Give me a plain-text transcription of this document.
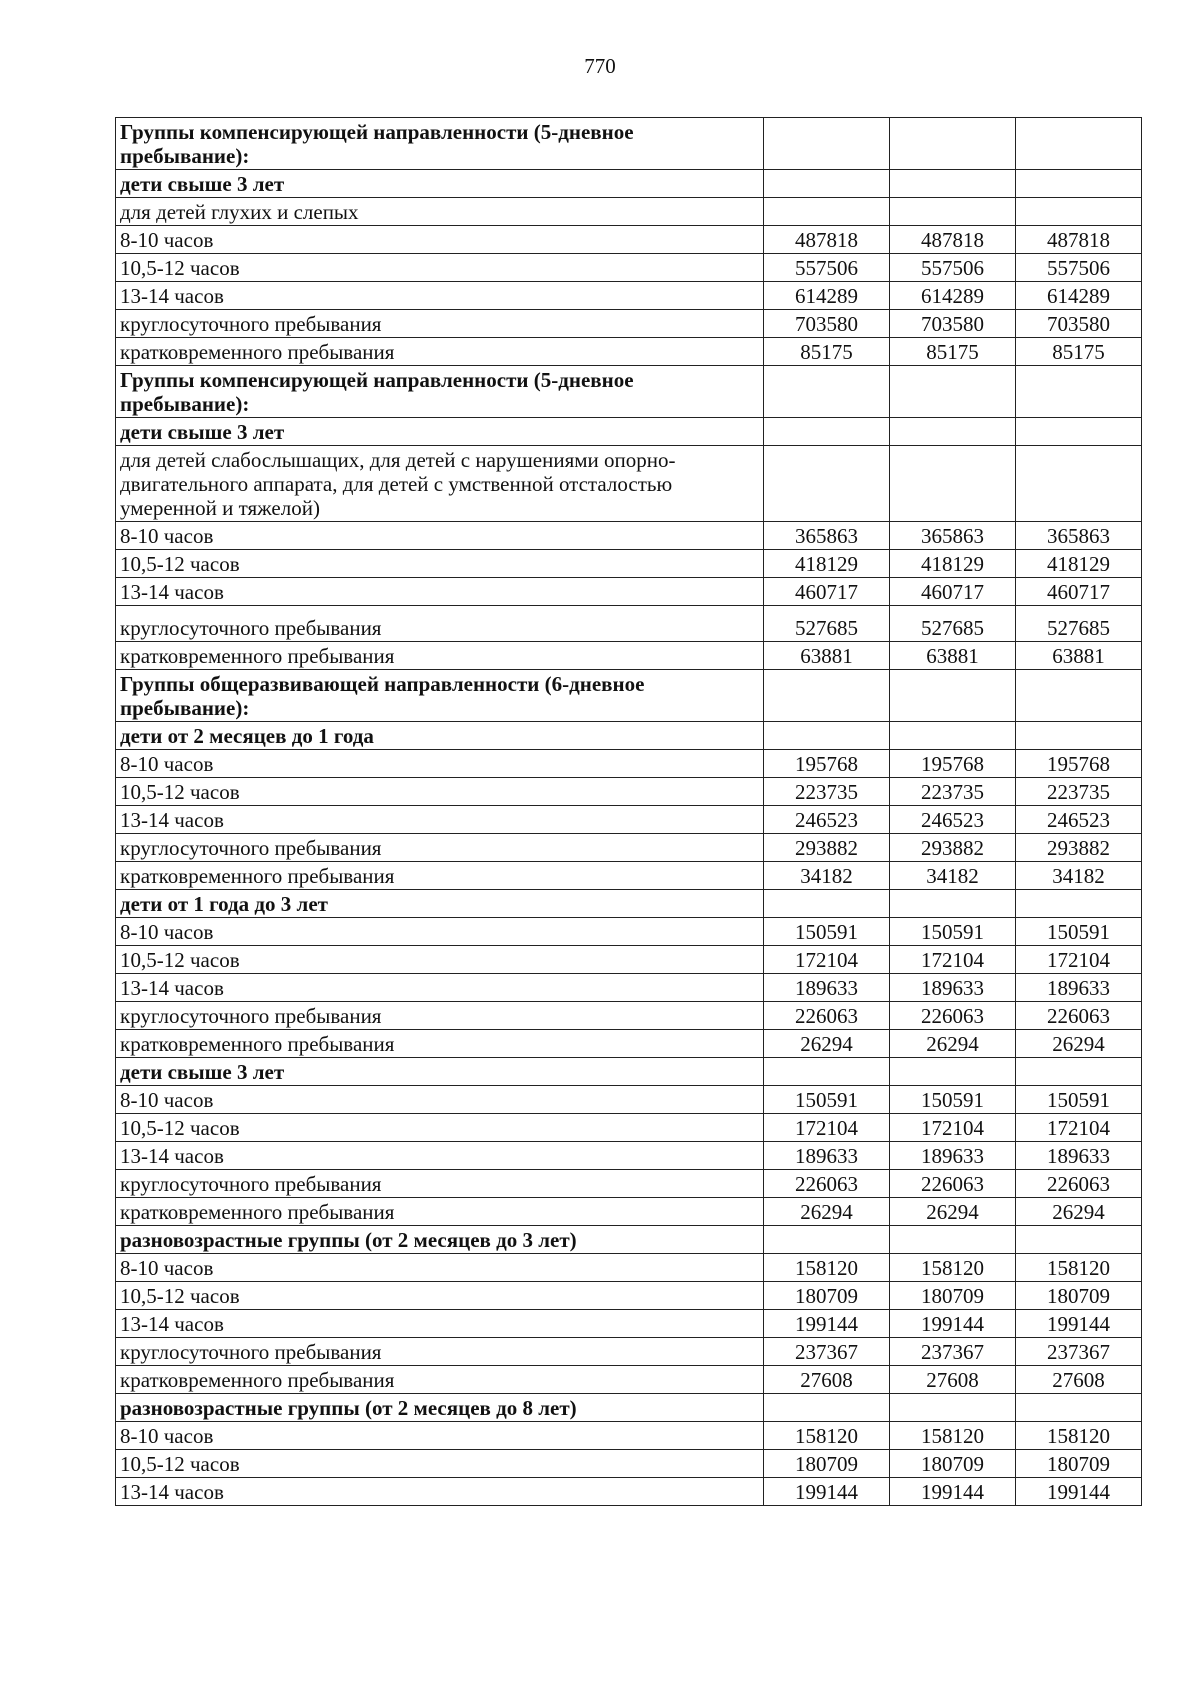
770
Группы компенсирующей направленности (5-дневное пребывание):			
дети свыше 3 лет			
для детей глухих и слепых			
8-10 часов	487818	487818	487818
10,5-12 часов	557506	557506	557506
13-14 часов	614289	614289	614289
круглосуточного пребывания	703580	703580	703580
кратковременного пребывания	85175	85175	85175
Группы компенсирующей направленности (5-дневное пребывание):			
дети свыше 3 лет			
для детей слабослышащих, для детей с нарушениями опорно-двигательного аппарата, для детей с умственной отсталостью умеренной и тяжелой)			
8-10 часов	365863	365863	365863
10,5-12 часов	418129	418129	418129
13-14 часов	460717	460717	460717
круглосуточного пребывания	527685	527685	527685
кратковременного пребывания	63881	63881	63881
Группы общеразвивающей направленности (6-дневное пребывание):			
дети от 2 месяцев до 1 года			
8-10 часов	195768	195768	195768
10,5-12 часов	223735	223735	223735
13-14 часов	246523	246523	246523
круглосуточного пребывания	293882	293882	293882
кратковременного пребывания	34182	34182	34182
дети от 1 года до 3 лет			
8-10 часов	150591	150591	150591
10,5-12 часов	172104	172104	172104
13-14 часов	189633	189633	189633
круглосуточного пребывания	226063	226063	226063
кратковременного пребывания	26294	26294	26294
дети свыше 3 лет			
8-10 часов	150591	150591	150591
10,5-12 часов	172104	172104	172104
13-14 часов	189633	189633	189633
круглосуточного пребывания	226063	226063	226063
кратковременного пребывания	26294	26294	26294
разновозрастные группы (от 2 месяцев до 3 лет)			
8-10 часов	158120	158120	158120
10,5-12 часов	180709	180709	180709
13-14 часов	199144	199144	199144
круглосуточного пребывания	237367	237367	237367
кратковременного пребывания	27608	27608	27608
разновозрастные группы (от 2 месяцев до 8 лет)			
8-10 часов	158120	158120	158120
10,5-12 часов	180709	180709	180709
13-14 часов	199144	199144	199144
